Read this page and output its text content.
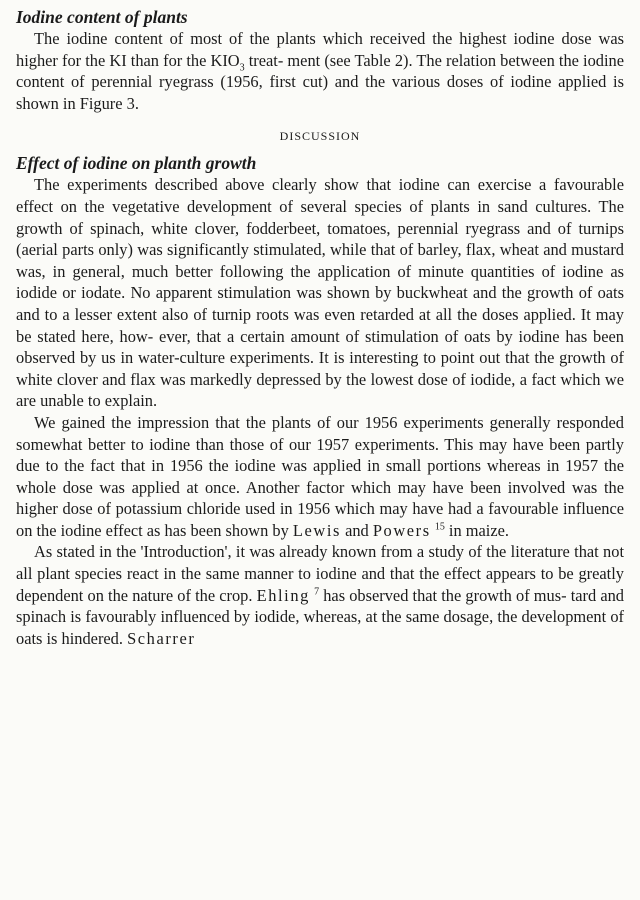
Iodine content of plants

The iodine content of most of the plants which received the highest iodine dose was higher for the KI than for the $KIO_3$ treat- ment (see Table 2). The relation between the iodine content of perennial ryegrass (1956, first cut) and the various doses of iodine applied is shown in Figure 3.

DISCUSSION
Effect of iodine on planth growth

The experiments described above clearly show that iodine can exercise a favourable effect on the vegetative development of several species of plants in sand cultures. The growth of spinach, white clover, fodderbeet, tomatoes, perennial ryegrass and of turnips (aerial parts only) was significantly stimulated, while that of barley, flax, wheat and mustard was, in general, much better following the application of minute quantities of iodine as iodide or iodate. No apparent stimulation was shown by buckwheat and the growth of oats and to a lesser extent also of turnip roots was even retarded at all the doses applied. It may be stated here, how- ever, that a certain amount of stimulation of oats by iodine has been observed by us in water-culture experiments. It is interesting to point out that the growth of white clover and flax was markedly depressed by the lowest dose of iodide, a fact which we are unable to explain.

We gained the impression that the plants of our 1956 experiments generally responded somewhat better to iodine than those of our 1957 experiments. This may have been partly due to the fact that in 1956 the iodine was applied in small portions whereas in 1957 the whole dose was applied at once. Another factor which may have been involved was the higher dose of potassium chloride used in 1956 which may have had a favourable influence on the iodine effect as has been shown by Lewis and Powers $^{15}$ in maize.

As stated in the 'Introduction', it was already known from a study of the literature that not all plant species react in the same manner to iodine and that the effect appears to be greatly dependent on the nature of the crop. Ehling $^7$ has observed that the growth of mus- tard and spinach is favourably influenced by iodide, whereas, at the same dosage, the development of oats is hindered. Scharrer
